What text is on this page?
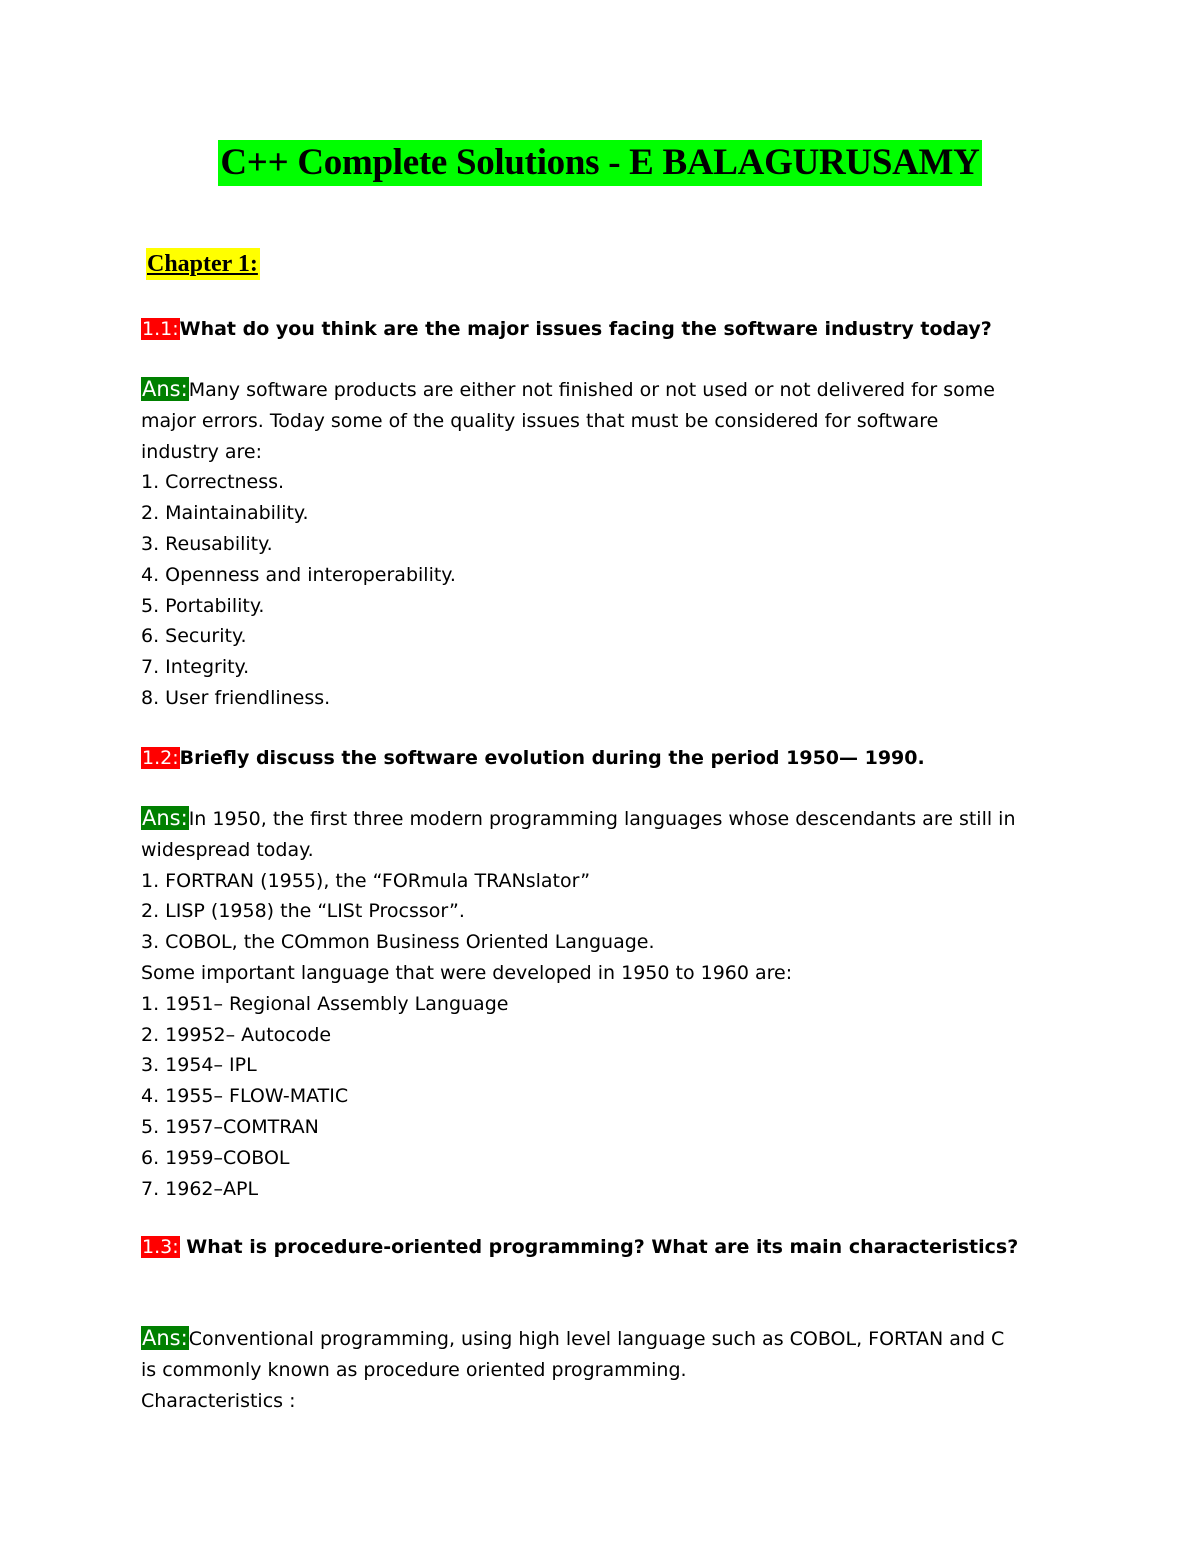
C++ Complete Solutions - E BALAGURUSAMY
Chapter 1:
1.1:What do you think are the major issues facing the software industry today?
Ans:Many software products are either not finished or not used or not delivered for some
major errors. Today some of the quality issues that must be considered for software
industry are:
1. Correctness.
2. Maintainability.
3. Reusability.
4. Openness and interoperability.
5. Portability.
6. Security.
7. Integrity.
8. User friendliness.
1.2:Briefly discuss the software evolution during the period 1950— 1990.
Ans:In 1950, the first three modern programming languages whose descendants are still in
widespread today.
1. FORTRAN (1955), the “FORmula TRANslator”
2. LISP (1958) the “LISt Procssor”.
3. COBOL, the COmmon Business Oriented Language.
Some important language that were developed in 1950 to 1960 are:
1. 1951– Regional Assembly Language
2. 19952– Autocode
3. 1954– IPL
4. 1955– FLOW-MATIC
5. 1957–COMTRAN
6. 1959–COBOL
7. 1962–APL
1.3: What is procedure-oriented programming? What are its main characteristics?
Ans:Conventional programming, using high level language such as COBOL, FORTAN and C
is commonly known as procedure oriented programming.
Characteristics :
